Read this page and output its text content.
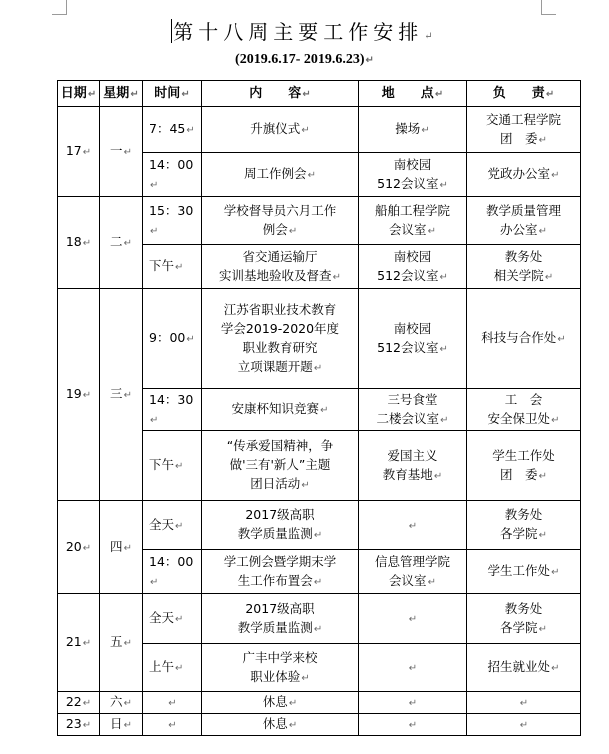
第十八周主要工作安排↵
(2019.6.17- 2019.6.23)↵
日期↵	星期↵	时间↵	内　　容↵	地　　点↵	负　　责↵
17↵	一↵	7：45↵	升旗仪式↵	操场↵	交通工程学院
团　委↵

		14：00↵	周工作例会↵	南校园
512会议室↵	党政办公室↵

18↵	二↵	15：30↵	学校督导员六月工作
例会↵	船舶工程学院
会议室↵	教学质量管理
办公室↵

		下午↵	省交通运输厅
实训基地验收及督查↵	南校园
512会议室↵	教务处
相关学院↵

19↵	三↵	9：00↵	江苏省职业技术教育
学会2019-2020年度
职业教育研究
立项课题开题↵	南校园
512会议室↵	科技与合作处↵

		14：30↵	安康杯知识竞赛↵	三号食堂
二楼会议室↵	工　会
安全保卫处↵

		下午↵	“传承爱国精神，争
做'三有'新人”主题
团日活动↵	爱国主义
教育基地↵	学生工作处
团　委↵

20↵	四↵	全天↵	2017级高职
教学质量监测↵	↵	教务处
各学院↵

		14：00↵	学工例会暨学期末学
生工作布置会↵	信息管理学院
会议室↵	学生工作处↵

21↵	五↵	全天↵	2017级高职
教学质量监测↵	↵	教务处
各学院↵

		上午↵	广丰中学来校
职业体验↵	↵	招生就业处↵

22↵	六↵	↵	休息↵	↵	↵

23↵	日↵	↵	休息↵	↵	↵
